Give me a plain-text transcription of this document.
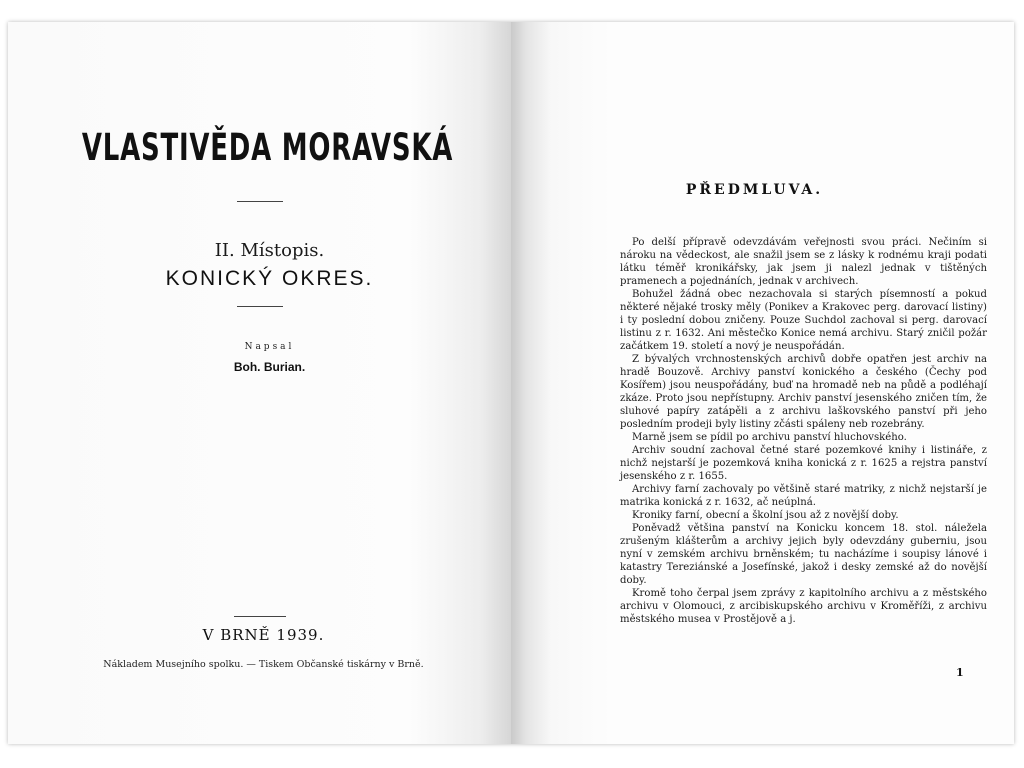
VLASTIVĚDA MORAVSKÁ
II. Místopis.
KONICKÝ OKRES.
Napsal
Boh. Burian.
V BRNĚ 1939.
Nákladem Musejního spolku. — Tiskem Občanské tiskárny v Brně.
PŘEDMLUVA.

Po delší přípravě odevzdávám veřejnosti svou práci. Nečiním si nároku na vědeckost, ale snažil jsem se z lásky k rodnému kraji podati látku téměř kronikářsky, jak jsem ji nalezl jednak v tištěných pramenech a pojednáních, jednak v archivech.

Bohužel žádná obec nezachovala si starých písemností a pokud některé nějaké trosky měly (Ponikev a Krakovec perg. darovací listiny) i ty poslední dobou zničeny. Pouze Suchdol zachoval si perg. darovací listinu z r. 1632. Ani městečko Konice nemá archivu. Starý zničil požár začátkem 19. století a nový je neuspořádán.

Z bývalých vrchnostenských archivů dobře opatřen jest archiv na hradě Bouzově. Archivy panství konického a českého (Čechy pod Kosířem) jsou neuspořádány, buď na hromadě neb na půdě a podléhají zkáze. Proto jsou nepřístupny. Archiv panství jesenského zničen tím, že sluhové papíry zatápěli a z archivu laškovského panství při jeho posledním prodeji byly listiny zčásti spáleny neb rozebrány.

Marně jsem se pídil po archivu panství hluchovského.

Archiv soudní zachoval četné staré pozemkové knihy i listináře, z nichž nejstarší je pozemková kniha konická z r. 1625 a rejstra panství jesenského z r. 1655.

Archivy farní zachovaly po většině staré matriky, z nichž nejstarší je matrika konická z r. 1632, ač neúplná.

Kroniky farní, obecní a školní jsou až z novější doby.

Poněvadž většina panství na Konicku koncem 18. stol. náležela zrušeným klášterům a archivy jejich byly odevzdány guberniu, jsou nyní v zemském archivu brněnském; tu nacházíme i soupisy lánové i katastry Tereziánské a Josefínské, jakož i desky zemské až do novější doby.

Kromě toho čerpal jsem zprávy z kapitolního archivu a z městského archivu v Olomouci, z arcibiskupského archivu v Kroměříži, z archivu městského musea v Prostějově a j.

1
